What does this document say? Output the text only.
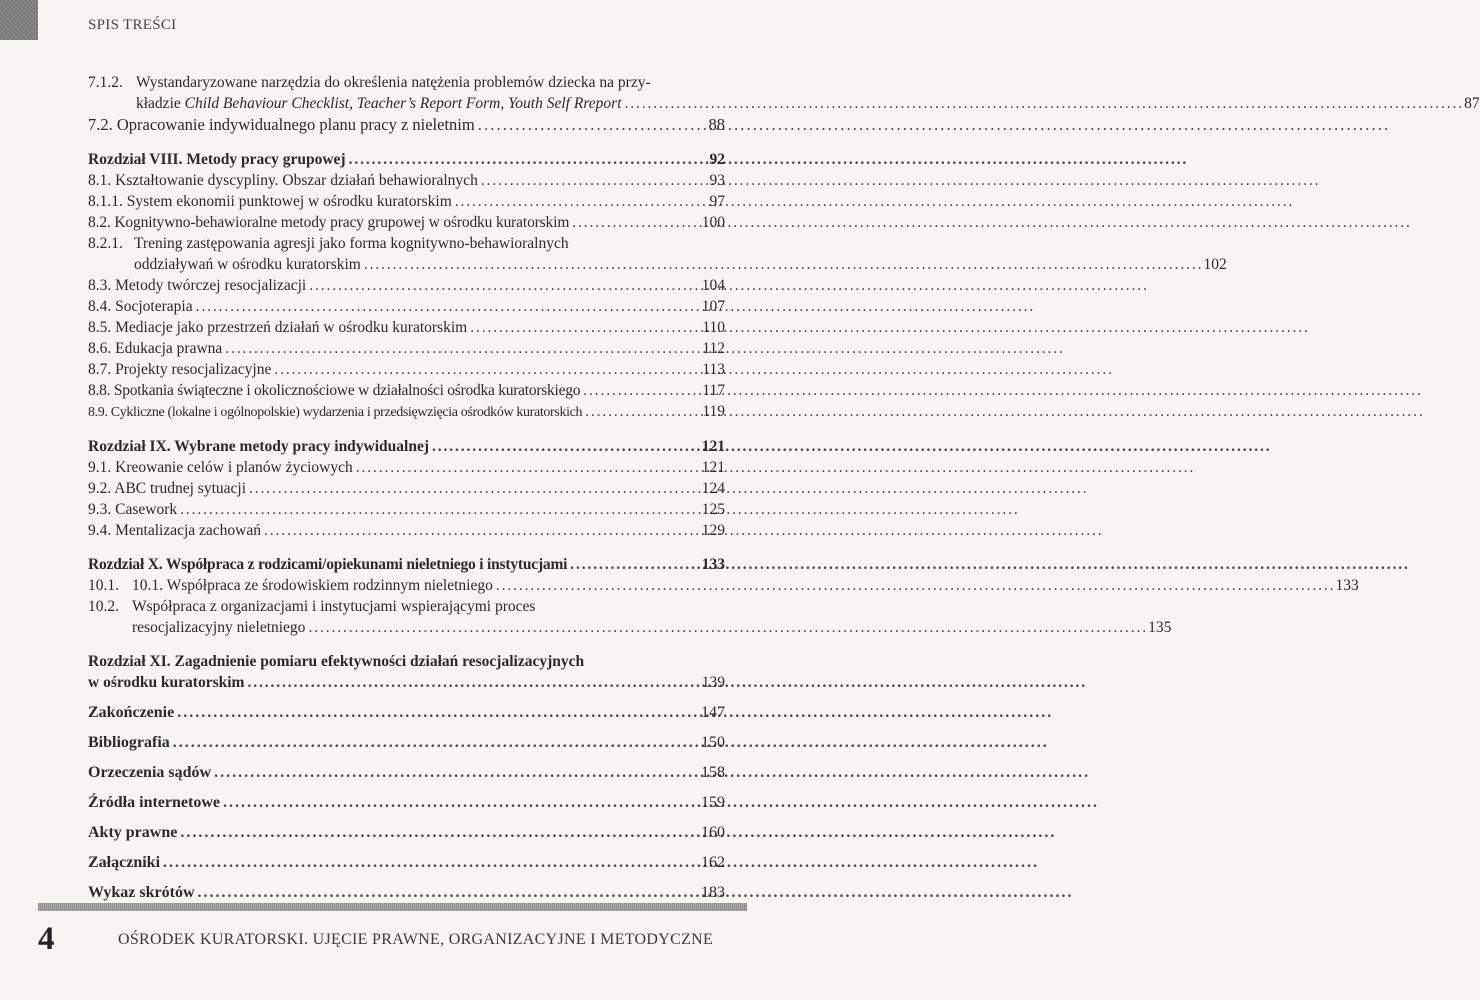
SPIS TREŚCI
7.1.2. Wystandaryzowane narzędzia do określenia natężenia problemów dziecka na przy-
kładzie Child Behaviour Checklist, Teacher’s Report Form, Youth Self Rreport . . .	87
7.2. Opracowanie indywidualnego planu pracy z nieletnim . . .	88
Rozdział VIII. Metody pracy grupowej . . .	92
8.1. Kształtowanie dyscypliny. Obszar działań behawioralnych . . .	93
8.1.1. System ekonomii punktowej w ośrodku kuratorskim . . .	97
8.2. Kognitywno-behawioralne metody pracy grupowej w ośrodku kuratorskim . . .	100
8.2.1. Trening zastępowania agresji jako forma kognitywno-behawioralnych
oddziaływań w ośrodku kuratorskim . . .	102
8.3. Metody twórczej resocjalizacji . . .	104
8.4. Socjoterapia . . .	107
8.5. Mediacje jako przestrzeń działań w ośrodku kuratorskim . . .	110
8.6. Edukacja prawna . . .	112
8.7. Projekty resocjalizacyjne . . .	113
8.8. Spotkania świąteczne i okolicznościowe w działalności ośrodka kuratorskiego . . .	117
8.9. Cykliczne (lokalne i ogólnopolskie) wydarzenia i przedsięwzięcia ośrodków kuratorskich . . .	119
Rozdział IX. Wybrane metody pracy indywidualnej . . .	121
9.1. Kreowanie celów i planów życiowych . . .	121
9.2. ABC trudnej sytuacji . . .	124
9.3. Casework . . .	125
9.4. Mentalizacja zachowań . . .	129
Rozdział X. Współpraca z rodzicami/opiekunami nieletniego i instytucjami . . .	133
10.1. 10.1. Współpraca ze środowiskiem rodzinnym nieletniego . . .	133
10.2. Współpraca z organizacjami i instytucjami wspierającymi proces
resocjalizacyjny nieletniego . . .	135
Rozdział XI. Zagadnienie pomiaru efektywności działań resocjalizacyjnych
w ośrodku kuratorskim . . .	139
Zakończenie . . .	147
Bibliografia . . .	150
Orzeczenia sądów . . .	158
Źródła internetowe . . .	159
Akty prawne . . .	160
Załączniki . . .	162
Wykaz skrótów . . .	183
4	OŚRODEK KURATORSKI. UJĘCIE PRAWNE, ORGANIZACYJNE I METODYCZNE
